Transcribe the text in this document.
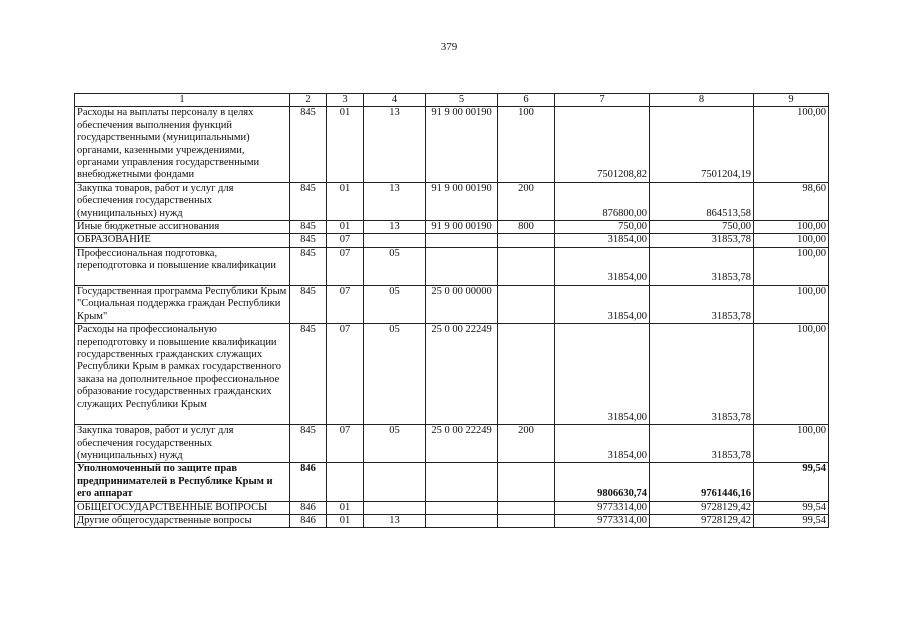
379
1	2	3	4	5	6	7	8	9
Расходы на выплаты персоналу в целях обеспечения выполнения функций государственными (муниципальными) органами, казенными учреждениями, органами управления государственными внебюджетными фондами	845	01	13	91 9 00 00190	100	7501208,82	7501204,19	100,00
Закупка товаров, работ и услуг для обеспечения государственных (муниципальных) нужд	845	01	13	91 9 00 00190	200	876800,00	864513,58	98,60
Иные бюджетные ассигнования	845	01	13	91 9 00 00190	800	750,00	750,00	100,00
ОБРАЗОВАНИЕ	845	07				31854,00	31853,78	100,00
Профессиональная подготовка, переподготовка и повышение квалификации	845	07	05			31854,00	31853,78	100,00
Государственная программа Республики Крым "Социальная поддержка граждан Республики Крым"	845	07	05	25 0 00 00000		31854,00	31853,78	100,00
Расходы на профессиональную переподготовку и повышение квалификации государственных гражданских служащих Республики Крым в рамках государственного заказа на дополнительное профессиональное образование государственных гражданских служащих Республики Крым	845	07	05	25 0 00 22249		31854,00	31853,78	100,00
Закупка товаров, работ и услуг для обеспечения государственных (муниципальных) нужд	845	07	05	25 0 00 22249	200	31854,00	31853,78	100,00
Уполномоченный по защите прав предпринимателей в Республике Крым и его аппарат	846					9806630,74	9761446,16	99,54
ОБЩЕГОСУДАРСТВЕННЫЕ ВОПРОСЫ	846	01				9773314,00	9728129,42	99,54
Другие общегосударственные вопросы	846	01	13			9773314,00	9728129,42	99,54
